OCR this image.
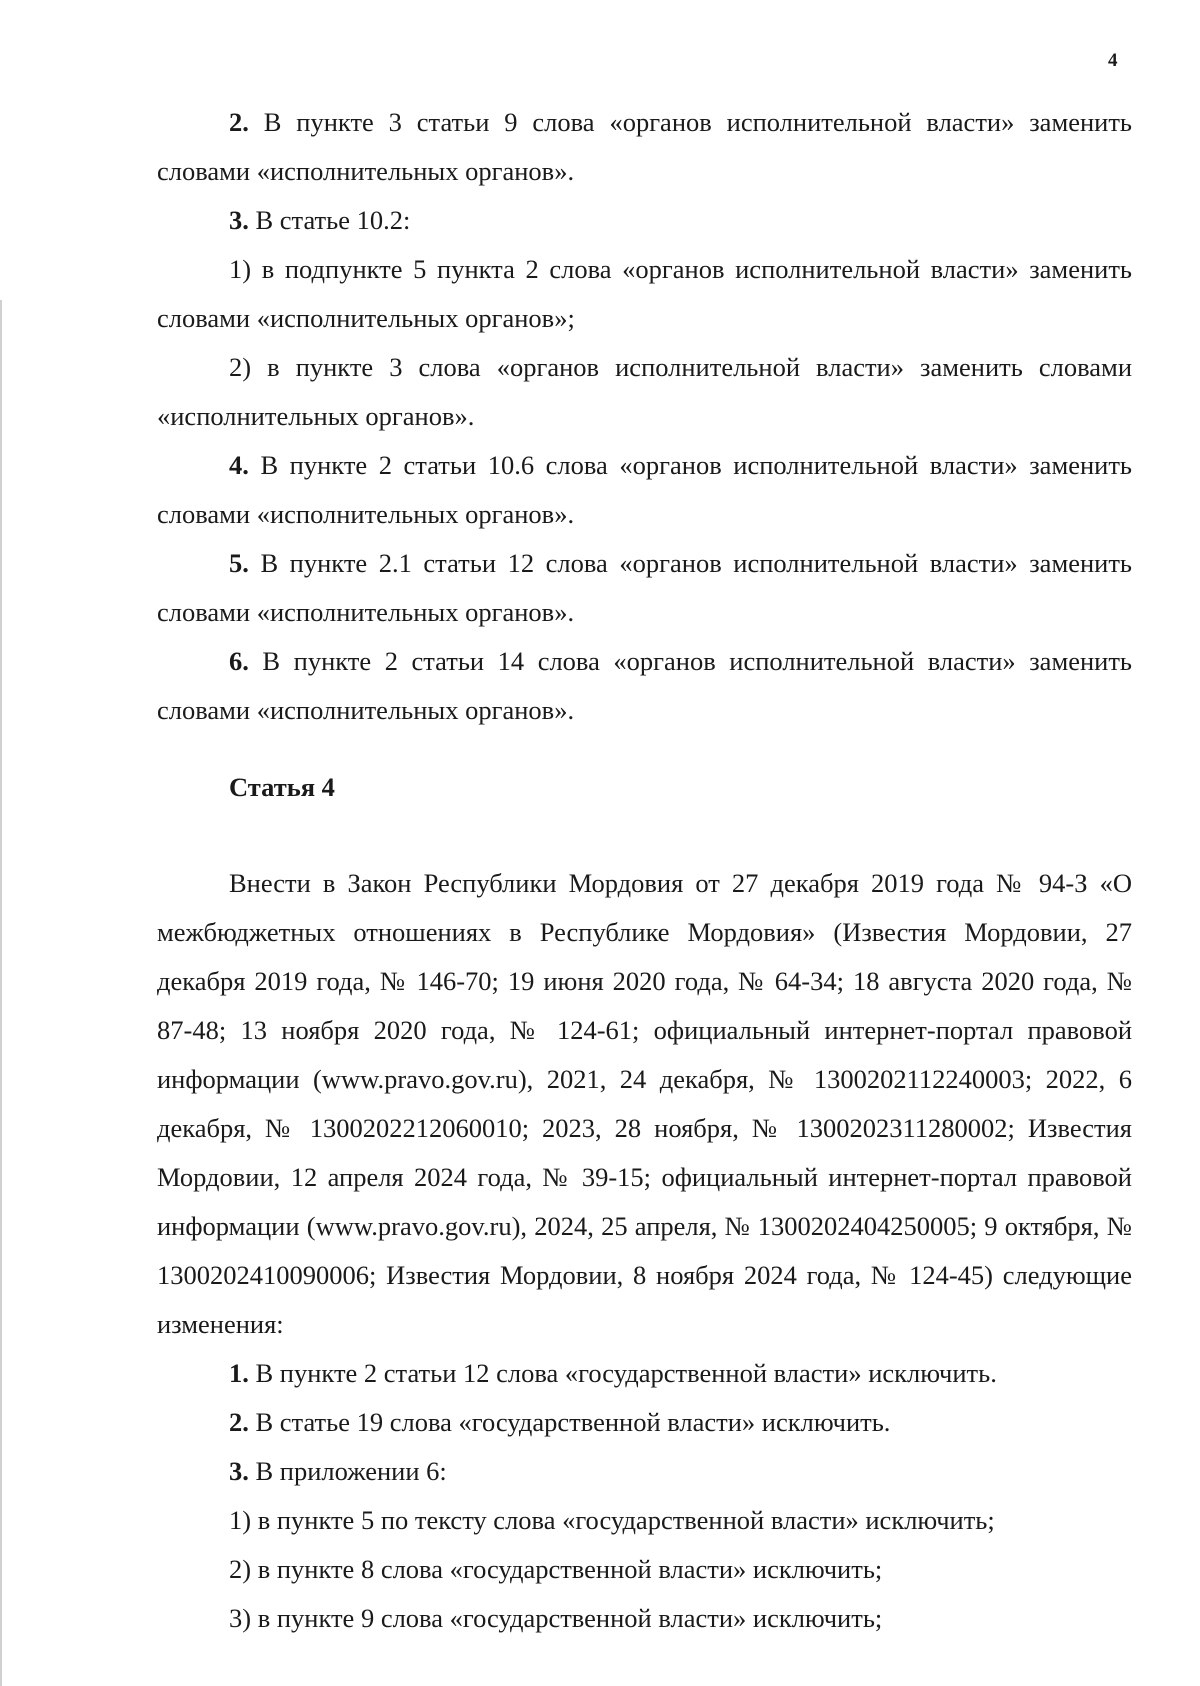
4

2. В пункте 3 статьи 9 слова «органов исполнительной власти» заменить словами «исполнительных органов».

3. В статье 10.2:

1) в подпункте 5 пункта 2 слова «органов исполнительной власти» заменить словами «исполнительных органов»;

2) в пункте 3 слова «органов исполнительной власти» заменить словами «исполнительных органов».

4. В пункте 2 статьи 10.6 слова «органов исполнительной власти» заменить словами «исполнительных органов».

5. В пункте 2.1 статьи 12 слова «органов исполнительной власти» заменить словами «исполнительных органов».

6. В пункте 2 статьи 14 слова «органов исполнительной власти» заменить словами «исполнительных органов».

Статья 4

Внести в Закон Республики Мордовия от 27 декабря 2019 года № 94-З «О межбюджетных отношениях в Республике Мордовия» (Известия Мордовии, 27 декабря 2019 года, № 146-70; 19 июня 2020 года, № 64-34; 18 августа 2020 года, № 87-48; 13 ноября 2020 года, № 124-61; официальный интернет-портал правовой информации (www.pravo.gov.ru), 2021, 24 декабря, № 1300202112240003; 2022, 6 декабря, № 1300202212060010; 2023, 28 ноября, № 1300202311280002; Известия Мордовии, 12 апреля 2024 года, № 39-15; официальный интернет-портал правовой информации (www.pravo.gov.ru), 2024, 25 апреля, № 1300202404250005; 9 октября, № 1300202410090006; Известия Мордовии, 8 ноября 2024 года, № 124-45) следующие изменения:

1. В пункте 2 статьи 12 слова «государственной власти» исключить.

2. В статье 19 слова «государственной власти» исключить.

3. В приложении 6:

1) в пункте 5 по тексту слова «государственной власти» исключить;

2) в пункте 8 слова «государственной власти» исключить;

3) в пункте 9 слова «государственной власти» исключить;
